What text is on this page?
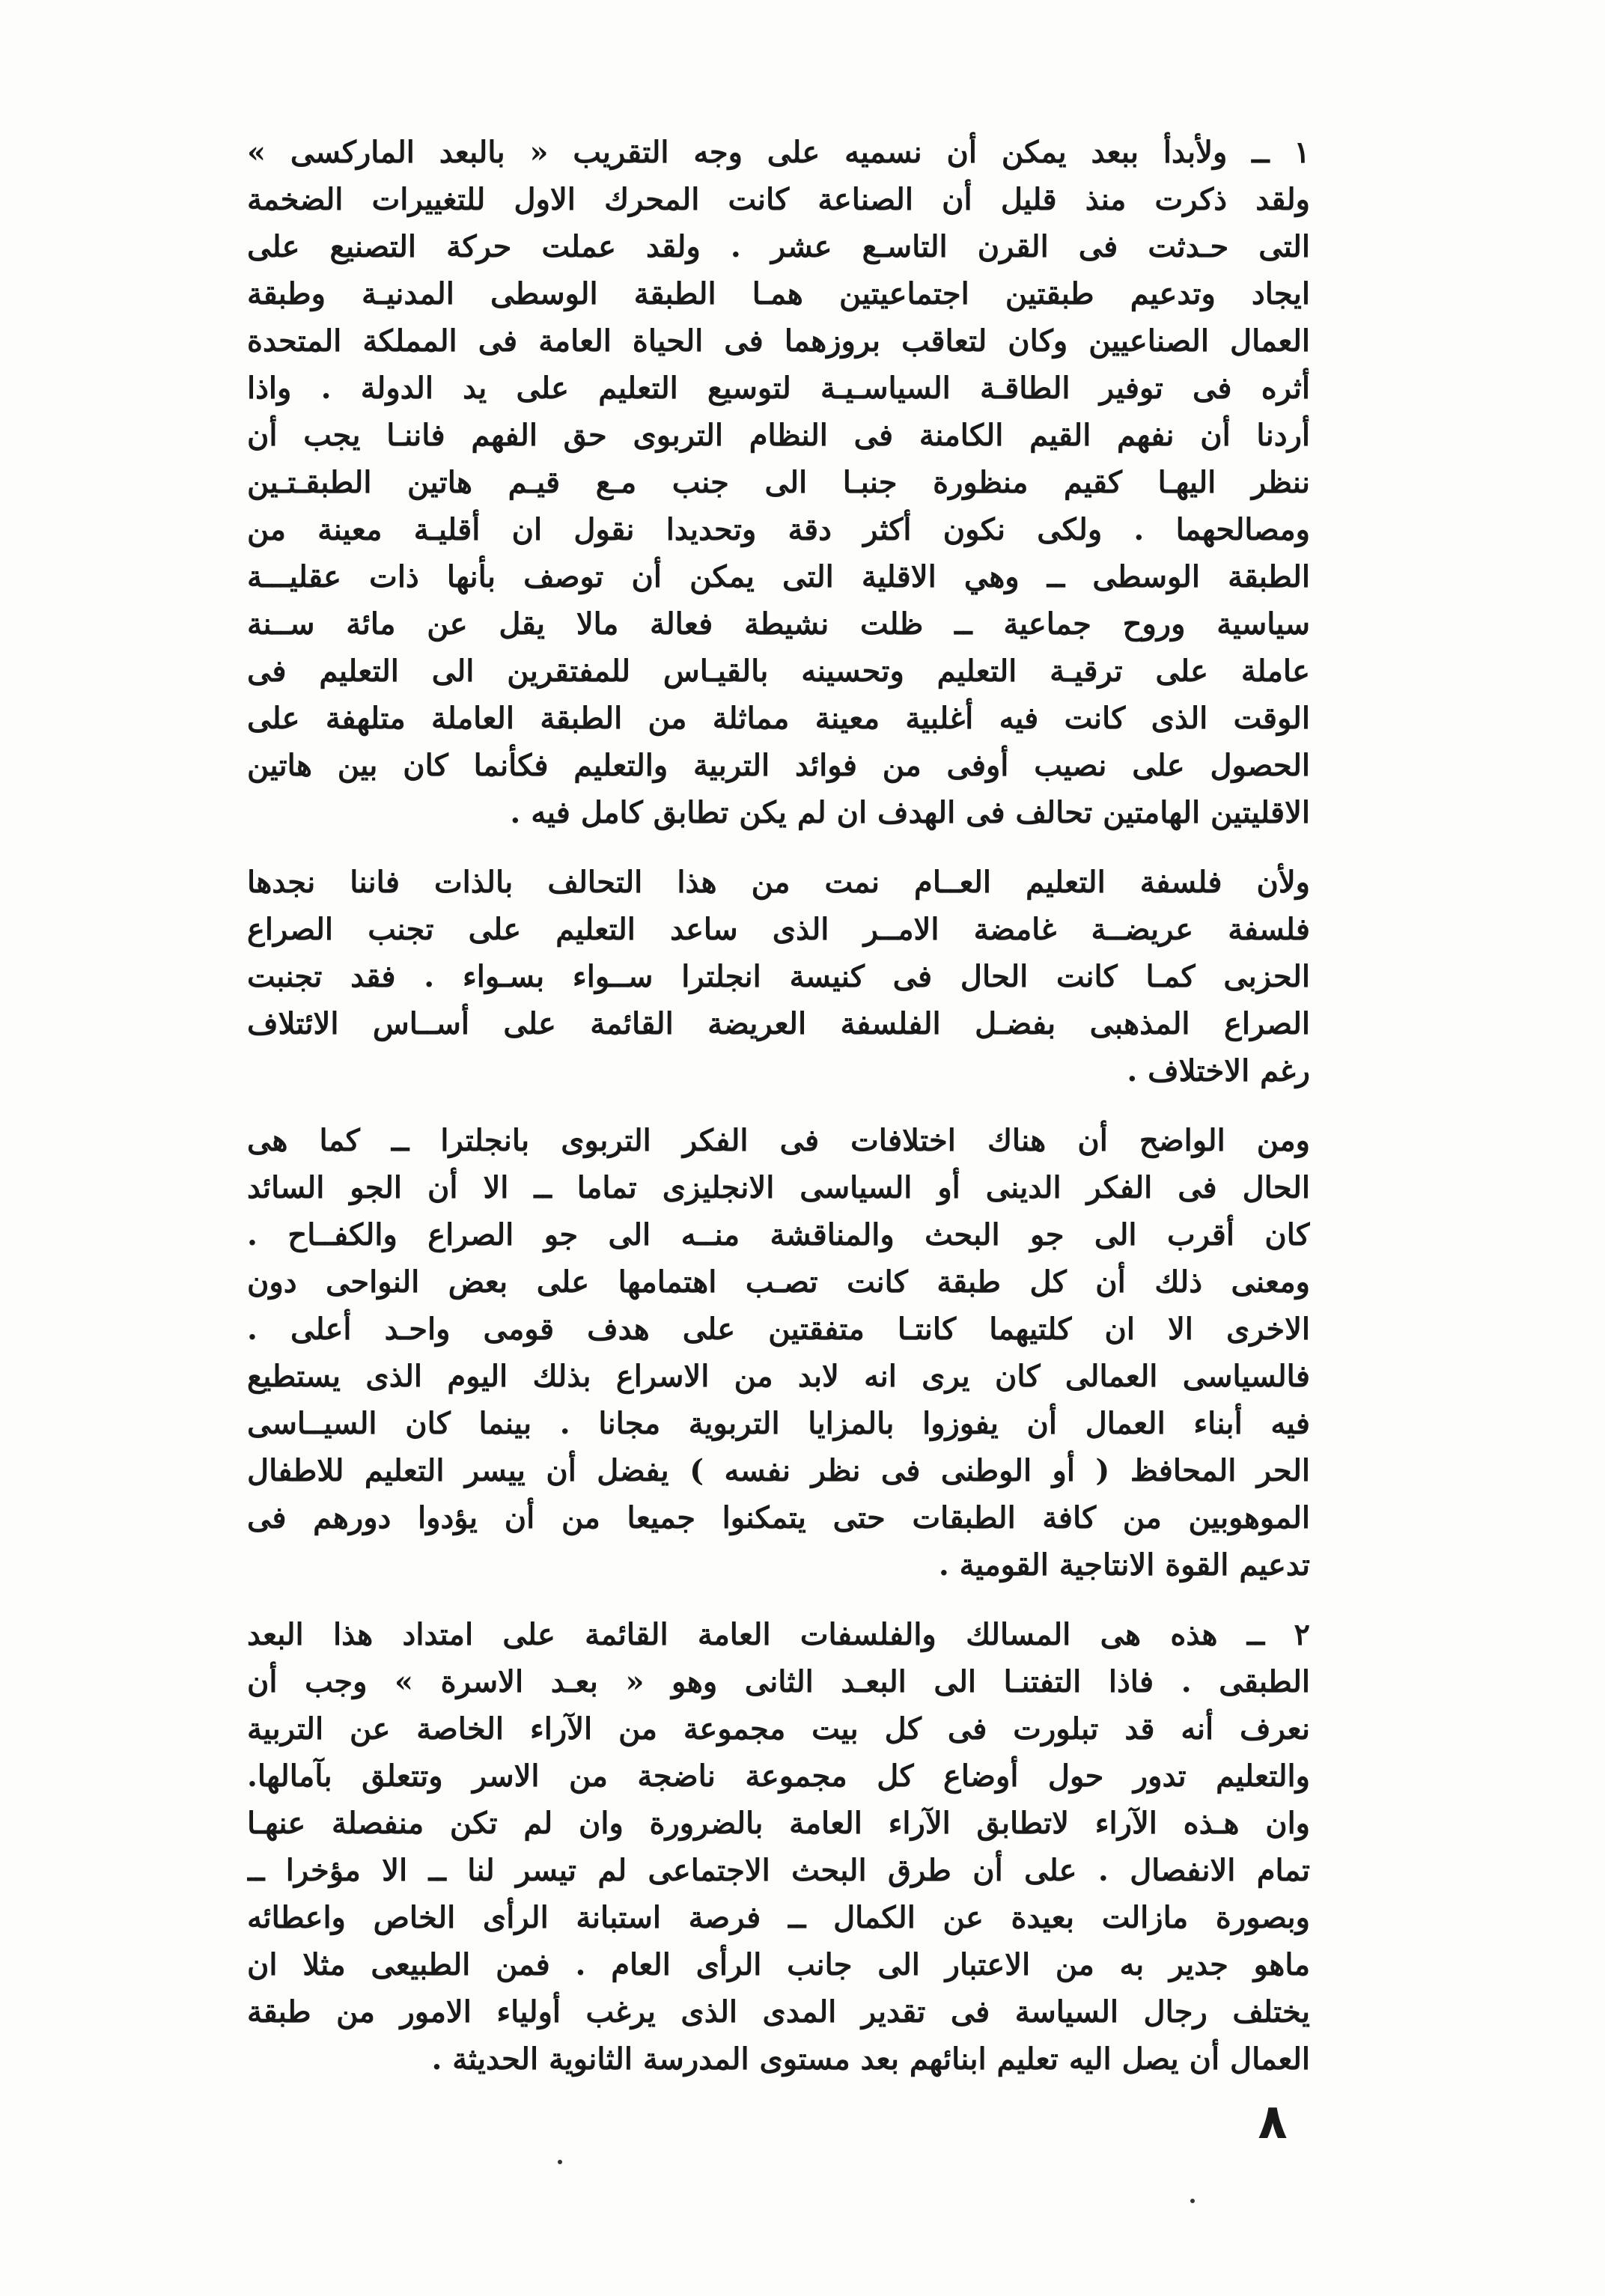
١ ــ ولأبدأ ببعد يمكن أن نسميه على وجه التقريب « بالبعد الماركسى »
ولقد ذكرت منذ قليل أن الصناعة كانت المحرك الاول للتغييرات الضخمة
التى حـدثت فى القرن التاسـع عشر . ولقد عملت حركة التصنيع على
ايجاد وتدعيم طبقتين اجتماعيتين همـا الطبقة الوسطى المدنيـة وطبقة
العمال الصناعيين وكان لتعاقب بروزهما فى الحياة العامة فى المملكة المتحدة
أثره فى توفير الطاقـة السياسـيـة لتوسيع التعليم على يد الدولة . واذا
أردنا أن نفهم القيم الكامنة فى النظام التربوى حق الفهم فاننـا يجب أن
ننظر اليهـا كقيم منظورة جنبـا الى جنب مـع قيـم هاتين الطبقـتـين
ومصالحهما . ولكى نكون أكثر دقة وتحديدا نقول ان أقليـة معينة من
الطبقة الوسطى ــ وهي الاقلية التى يمكن أن توصف بأنها ذات عقليـــة
سياسية وروح جماعية ــ ظلت نشيطة فعالة مالا يقل عن مائة ســنة
عاملة على ترقيـة التعليم وتحسينه بالقيـاس للمفتقرين الى التعليم فى
الوقت الذى كانت فيه أغلبية معينة مماثلة من الطبقة العاملة متلهفة على
الحصول على نصيب أوفى من فوائد التربية والتعليم فكأنما كان بين هاتين
الاقليتين الهامتين تحالف فى الهدف ان لم يكن تطابق كامل فيه .
ولأن فلسفة التعليم العــام نمت من هذا التحالف بالذات فاننا نجدها
فلسفة عريضــة غامضة الامــر الذى ساعد التعليم على تجنب الصراع
الحزبى كمـا كانت الحال فى كنيسة انجلترا ســواء بسـواء . فقد تجنبت
الصراع المذهبى بفضـل الفلسفة العريضة القائمة على أســاس الائتلاف
رغم الاختلاف .
ومن الواضح أن هناك اختلافات فى الفكر التربوى بانجلترا ــ كما هى
الحال فى الفكر الدينى أو السياسى الانجليزى تماما ــ الا أن الجو السائد
كان أقرب الى جو البحث والمناقشة منــه الى جو الصراع والكفــاح .
ومعنى ذلك أن كل طبقة كانت تصـب اهتمامها على بعض النواحى دون
الاخرى الا ان كلتيهما كانتـا متفقتين على هدف قومى واحـد أعلى .
فالسياسى العمالى كان يرى انه لابد من الاسراع بذلك اليوم الذى يستطيع
فيه أبناء العمال أن يفوزوا بالمزايا التربوية مجانا . بينما كان السيــاسى
الحر المحافظ ( أو الوطنى فى نظر نفسه ) يفضل أن ييسر التعليم للاطفال
الموهوبين من كافة الطبقات حتى يتمكنوا جميعا من أن يؤدوا دورهم فى
تدعيم القوة الانتاجية القومية .
٢ ــ هذه هى المسالك والفلسفات العامة القائمة على امتداد هذا البعد
الطبقى . فاذا التفتنـا الى البعـد الثانى وهو « بعـد الاسرة » وجب أن
نعرف أنه قد تبلورت فى كل بيت مجموعة من الآراء الخاصة عن التربية
والتعليم تدور حول أوضاع كل مجموعة ناضجة من الاسر وتتعلق بآمالها.
وان هـذه الآراء لاتطابق الآراء العامة بالضرورة وان لم تكن منفصلة عنهـا
تمام الانفصال . على أن طرق البحث الاجتماعى لم تيسر لنا ــ الا مؤخرا ــ
وبصورة مازالت بعيدة عن الكمال ــ فرصة استبانة الرأى الخاص واعطائه
ماهو جدير به من الاعتبار الى جانب الرأى العام . فمن الطبيعى مثلا ان
يختلف رجال السياسة فى تقدير المدى الذى يرغب أولياء الامور من طبقة
العمال أن يصل اليه تعليم ابنائهم بعد مستوى المدرسة الثانوية الحديثة .
٨
